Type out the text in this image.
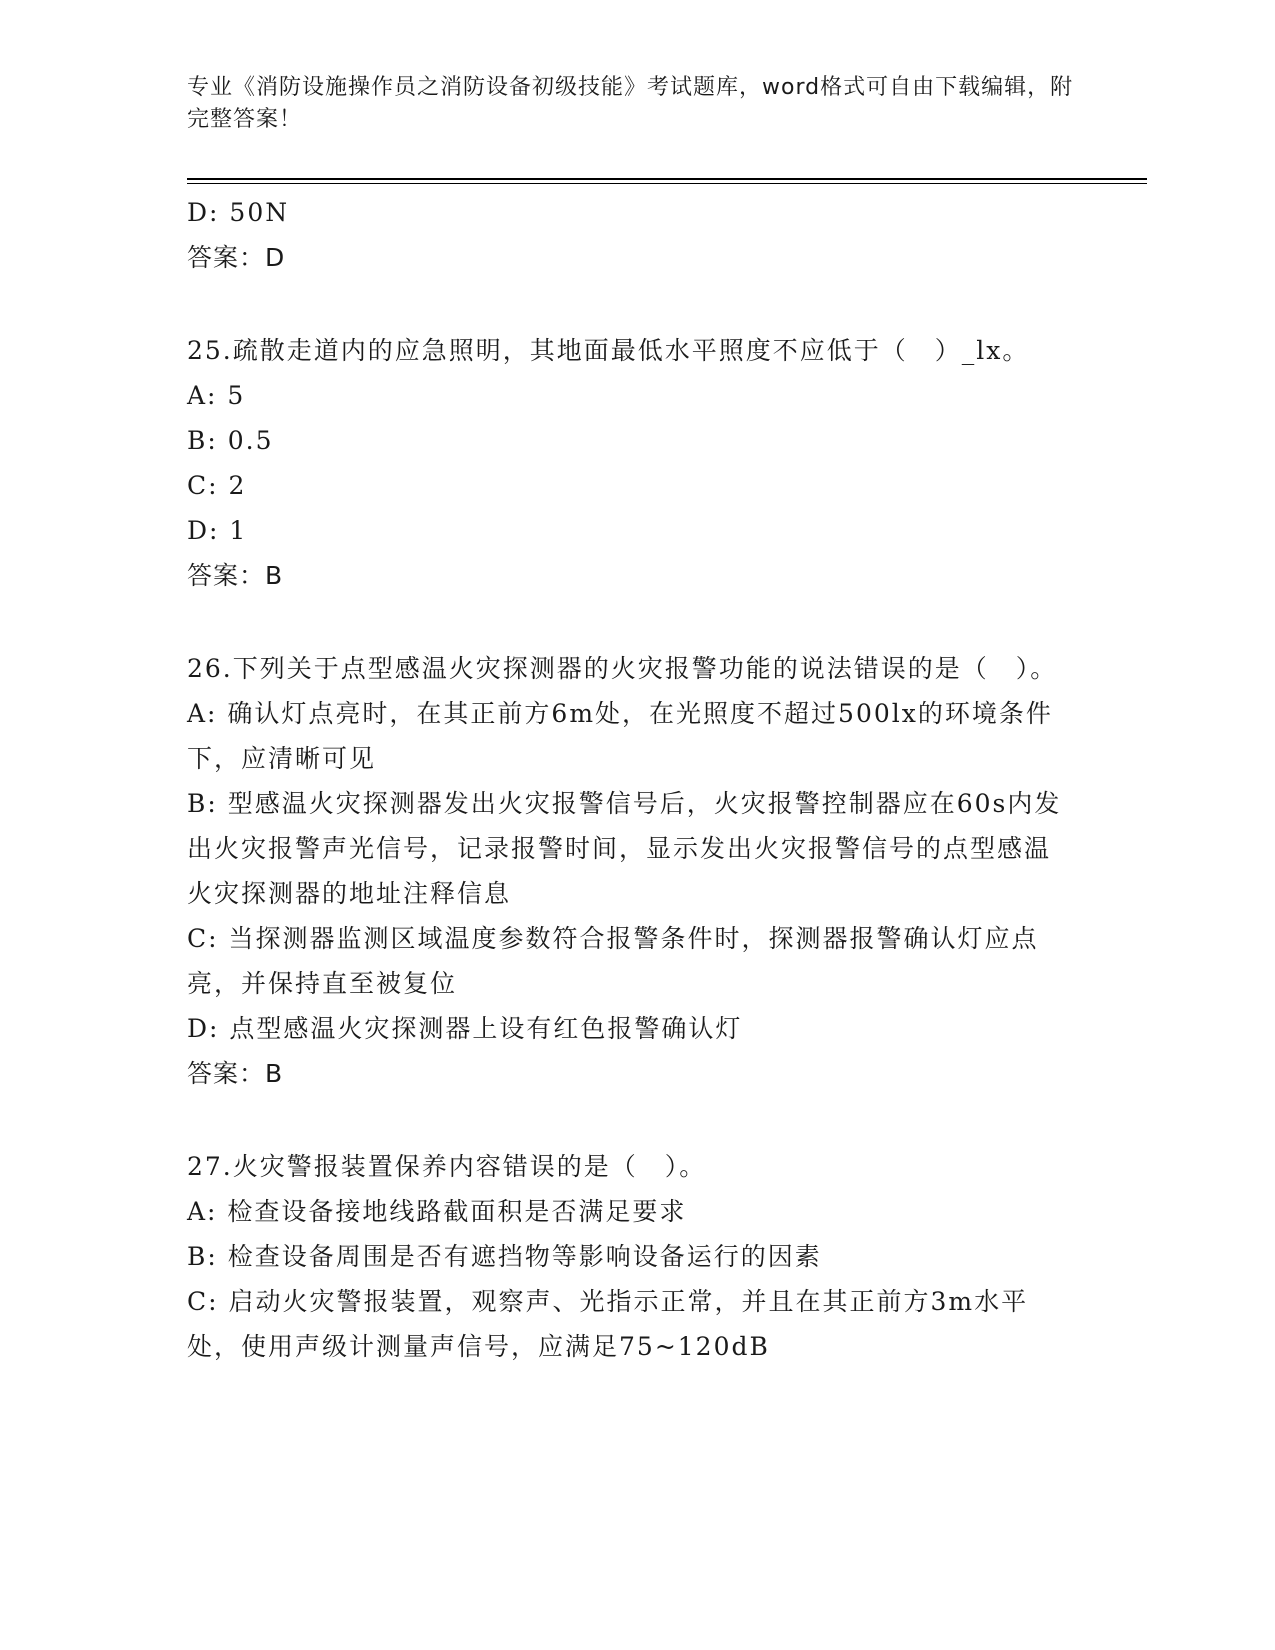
专业《消防设施操作员之消防设备初级技能》考试题库，word格式可自由下载编辑，附完整答案！

D: 50N

答案：D

25.疏散走道内的应急照明，其地面最低水平照度不应低于（　）_lx。

A: 5

B: 0.5

C: 2

D: 1

答案：B

26.下列关于点型感温火灾探测器的火灾报警功能的说法错误的是（　）。

A: 确认灯点亮时，在其正前方6m处，在光照度不超过500lx的环境条件下，应清晰可见

B: 型感温火灾探测器发出火灾报警信号后，火灾报警控制器应在60s内发出火灾报警声光信号，记录报警时间，显示发出火灾报警信号的点型感温火灾探测器的地址注释信息

C: 当探测器监测区域温度参数符合报警条件时，探测器报警确认灯应点亮，并保持直至被复位

D: 点型感温火灾探测器上设有红色报警确认灯

答案：B

27.火灾警报装置保养内容错误的是（　）。

A: 检查设备接地线路截面积是否满足要求

B: 检查设备周围是否有遮挡物等影响设备运行的因素

C: 启动火灾警报装置，观察声、光指示正常，并且在其正前方3m水平处，使用声级计测量声信号，应满足75~120dB
